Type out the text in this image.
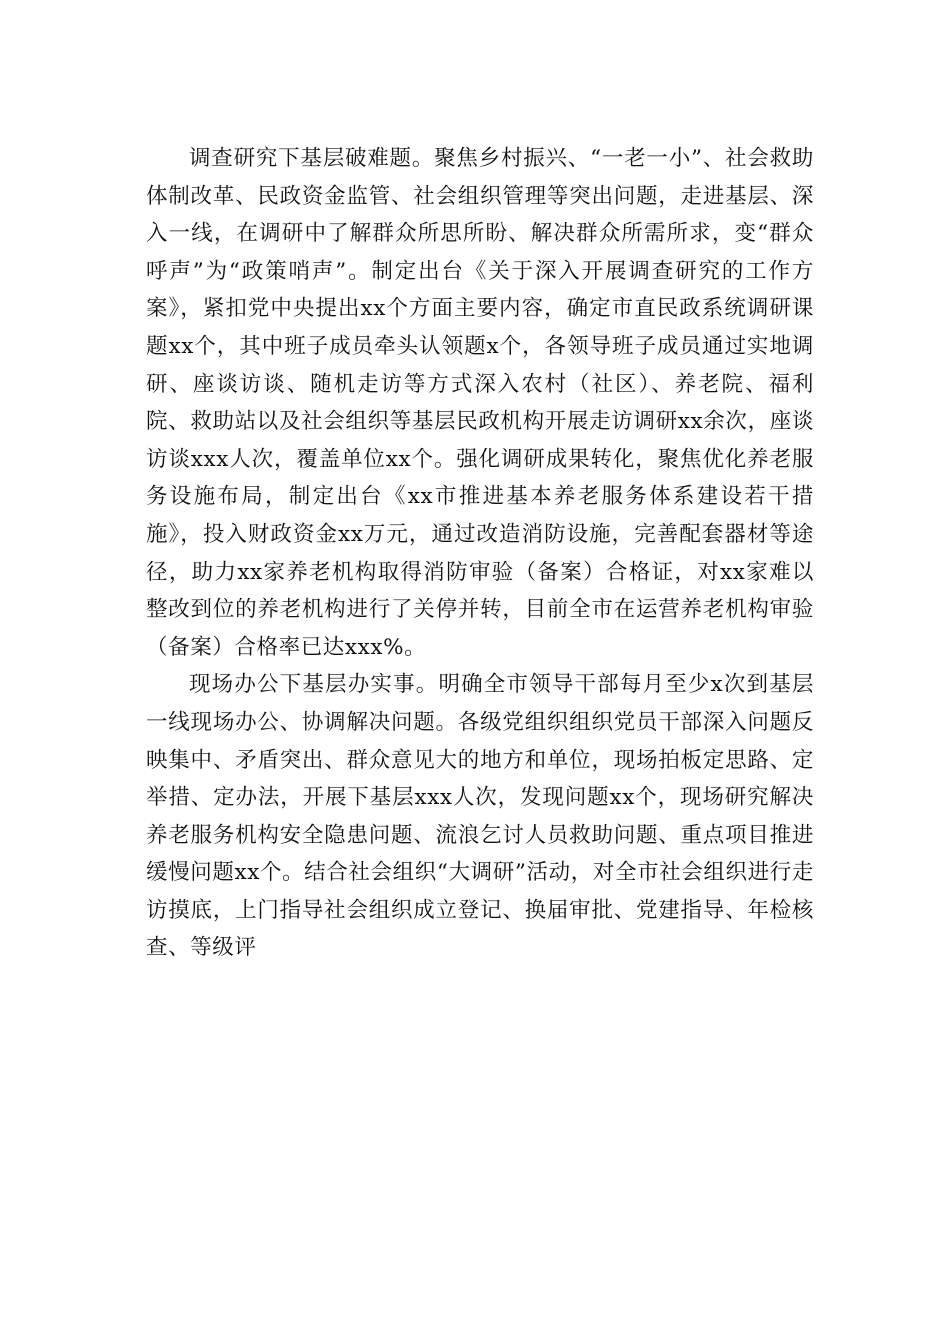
调查研究下基层破难题。聚焦乡村振兴、“一老一小”、社会救助体制改革、民政资金监管、社会组织管理等突出问题，走进基层、深入一线，在调研中了解群众所思所盼、解决群众所需所求，变“群众呼声”为“政策哨声”。制定出台《关于深入开展调查研究的工作方案》，紧扣党中央提出xx个方面主要内容，确定市直民政系统调研课题xx个，其中班子成员牵头认领题x个，各领导班子成员通过实地调研、座谈访谈、随机走访等方式深入农村（社区）、养老院、福利院、救助站以及社会组织等基层民政机构开展走访调研xx余次，座谈访谈xxx人次，覆盖单位xx个。强化调研成果转化，聚焦优化养老服务设施布局，制定出台《xx市推进基本养老服务体系建设若干措施》，投入财政资金xx万元，通过改造消防设施，完善配套器材等途径，助力xx家养老机构取得消防审验（备案）合格证，对xx家难以整改到位的养老机构进行了关停并转，目前全市在运营养老机构审验（备案）合格率已达xxx%。

现场办公下基层办实事。明确全市领导干部每月至少x次到基层一线现场办公、协调解决问题。各级党组织组织党员干部深入问题反映集中、矛盾突出、群众意见大的地方和单位，现场拍板定思路、定举措、定办法，开展下基层xxx人次，发现问题xx个，现场研究解决养老服务机构安全隐患问题、流浪乞讨人员救助问题、重点项目推进缓慢问题xx个。结合社会组织“大调研”活动，对全市社会组织进行走访摸底，上门指导社会组织成立登记、换届审批、党建指导、年检核查、等级评
